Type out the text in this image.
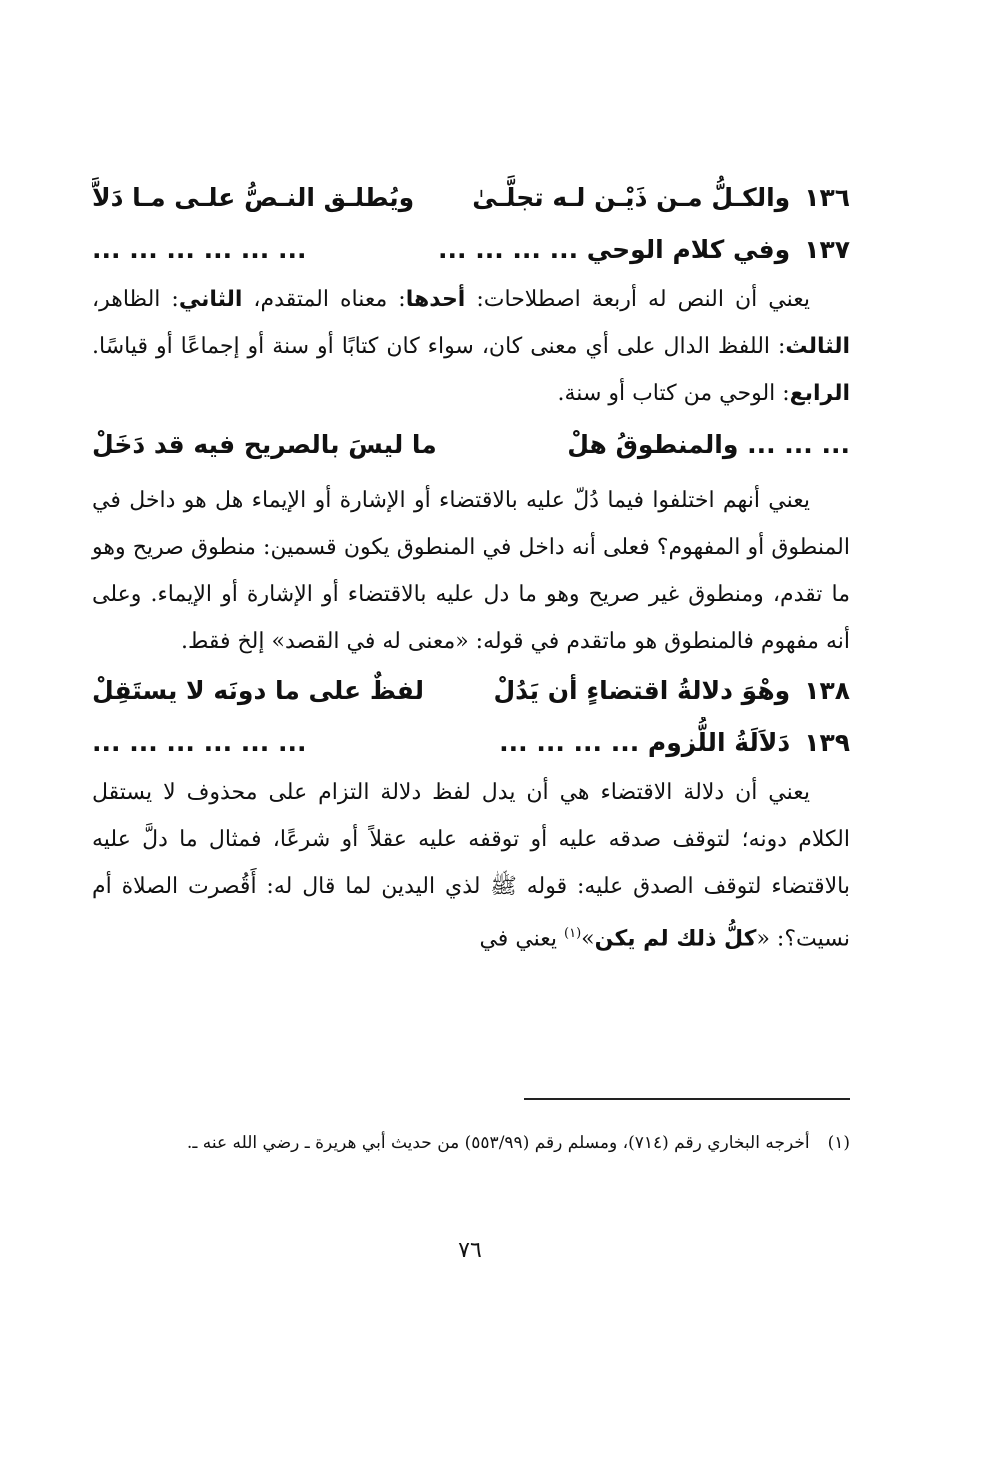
١٣٦
والكـلُّ مـن ذَيْـن لـه تجلَّـىٰ
ويُطلـق النـصُّ علـى مـا دَلاَّ
١٣٧
وفي كلام الوحي ... ... ... ...
... ... ... ... ... ...

يعني أن النص له أربعة اصطلاحات: أحدها: معناه المتقدم، الثاني: الظاهر، الثالث: اللفظ الدال على أي معنى كان، سواء كان كتابًا أو سنة أو إجماعًا أو قياسًا. الرابع: الوحي من كتاب أو سنة.

... ... ... والمنطوقُ هلْ
ما ليسَ بالصريح فيه قد دَخَلْ

يعني أنهم اختلفوا فيما دُلّ عليه بالاقتضاء أو الإشارة أو الإيماء هل هو داخل في المنطوق أو المفهوم؟ فعلى أنه داخل في المنطوق يكون قسمين: منطوق صريح وهو ما تقدم، ومنطوق غير صريح وهو ما دل عليه بالاقتضاء أو الإشارة أو الإيماء. وعلى أنه مفهوم فالمنطوق هو ماتقدم في قوله: «معنى له في القصد» إلخ فقط.

١٣٨
وهْوَ دلالةُ اقتضاءٍ أن يَدُلْ
لفظٌ على ما دونَه لا يستَقِلْ
١٣٩
دَلاَلَةُ اللُّزوم ... ... ... ...
... ... ... ... ... ...

يعني أن دلالة الاقتضاء هي أن يدل لفظ دلالة التزام على محذوف لا يستقل الكلام دونه؛ لتوقف صدقه عليه أو توقفه عليه عقلاً أو شرعًا، فمثال ما دلَّ عليه بالاقتضاء لتوقف الصدق عليه: قوله ﷺ لذي اليدين لما قال له: أَقُصرت الصلاة أم نسيت؟: «كلُّ ذلك لم يكن»$^{(١)}$ يعني في

(١)أخرجه البخاري رقم (٧١٤)، ومسلم رقم (٥٥٣/٩٩) من حديث أبي هريرة ـ رضي الله عنه ـ.
٧٦
